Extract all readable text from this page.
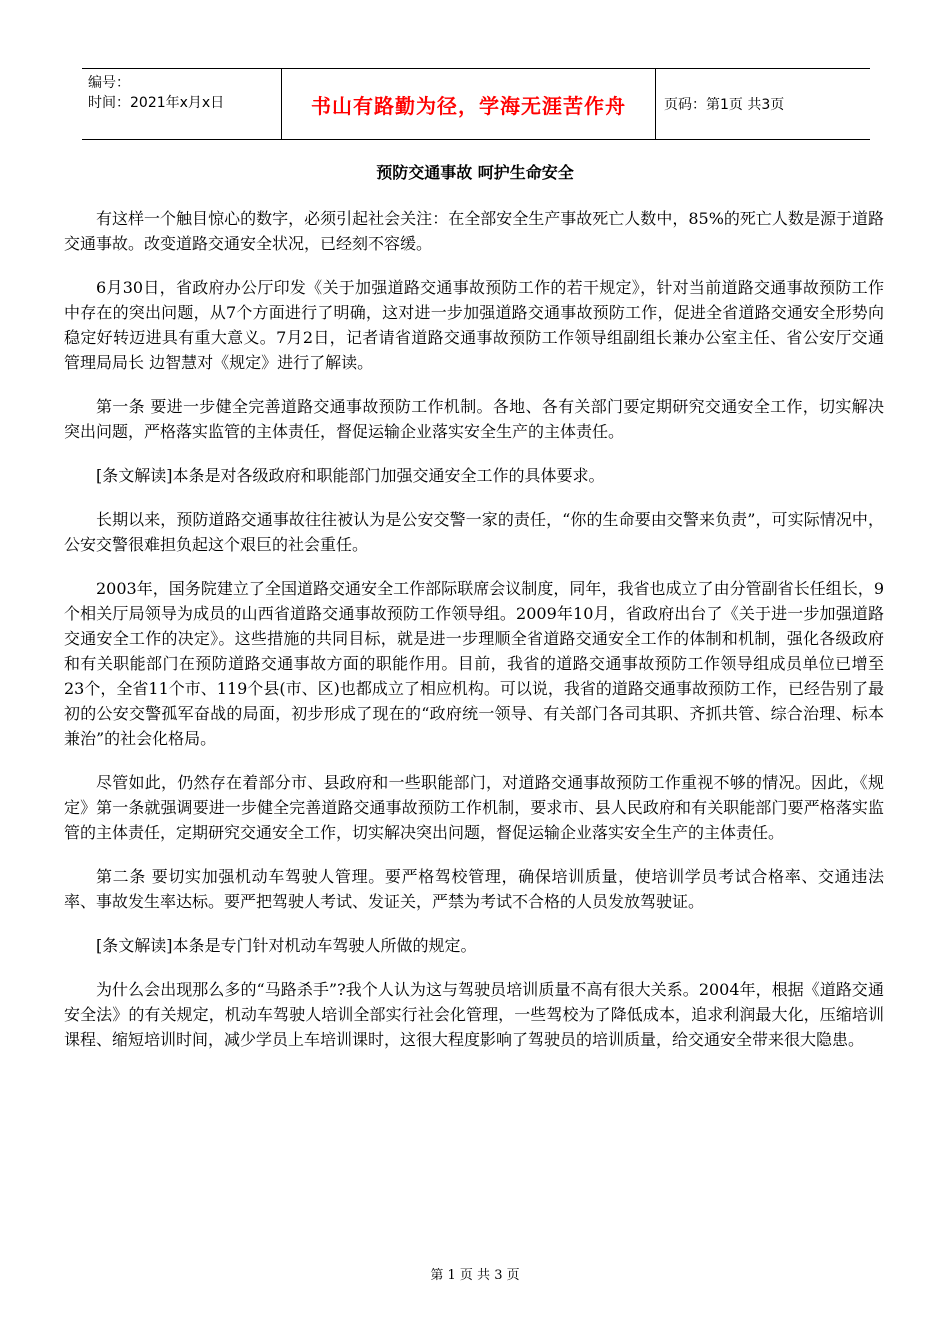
编号：
时间：2021年x月x日	书山有路勤为径，学海无涯苦作舟	页码：第1页 共3页
预防交通事故 呵护生命安全

有这样一个触目惊心的数字，必须引起社会关注：在全部安全生产事故死亡人数中，85%的死亡人数是源于道路交通事故。改变道路交通安全状况，已经刻不容缓。

6月30日，省政府办公厅印发《关于加强道路交通事故预防工作的若干规定》，针对当前道路交通事故预防工作中存在的突出问题，从7个方面进行了明确，这对进一步加强道路交通事故预防工作，促进全省道路交通安全形势向稳定好转迈进具有重大意义。7月2日，记者请省道路交通事故预防工作领导组副组长兼办公室主任、省公安厅交通管理局局长 边智慧对《规定》进行了解读。

第一条 要进一步健全完善道路交通事故预防工作机制。各地、各有关部门要定期研究交通安全工作，切实解决突出问题，严格落实监管的主体责任，督促运输企业落实安全生产的主体责任。

[条文解读]本条是对各级政府和职能部门加强交通安全工作的具体要求。

长期以来，预防道路交通事故往往被认为是公安交警一家的责任，“你的生命要由交警来负责”，可实际情况中，公安交警很难担负起这个艰巨的社会重任。

2003年，国务院建立了全国道路交通安全工作部际联席会议制度，同年，我省也成立了由分管副省长任组长，9个相关厅局领导为成员的山西省道路交通事故预防工作领导组。2009年10月，省政府出台了《关于进一步加强道路交通安全工作的决定》。这些措施的共同目标，就是进一步理顺全省道路交通安全工作的体制和机制，强化各级政府和有关职能部门在预防道路交通事故方面的职能作用。目前，我省的道路交通事故预防工作领导组成员单位已增至23个，全省11个市、119个县(市、区)也都成立了相应机构。可以说，我省的道路交通事故预防工作，已经告别了最初的公安交警孤军奋战的局面，初步形成了现在的“政府统一领导、有关部门各司其职、齐抓共管、综合治理、标本兼治”的社会化格局。

尽管如此，仍然存在着部分市、县政府和一些职能部门，对道路交通事故预防工作重视不够的情况。因此，《规定》第一条就强调要进一步健全完善道路交通事故预防工作机制，要求市、县人民政府和有关职能部门要严格落实监管的主体责任，定期研究交通安全工作，切实解决突出问题，督促运输企业落实安全生产的主体责任。

第二条 要切实加强机动车驾驶人管理。要严格驾校管理，确保培训质量，使培训学员考试合格率、交通违法率、事故发生率达标。要严把驾驶人考试、发证关，严禁为考试不合格的人员发放驾驶证。

[条文解读]本条是专门针对机动车驾驶人所做的规定。

为什么会出现那么多的“马路杀手”?我个人认为这与驾驶员培训质量不高有很大关系。2004年，根据《道路交通安全法》的有关规定，机动车驾驶人培训全部实行社会化管理，一些驾校为了降低成本，追求利润最大化，压缩培训课程、缩短培训时间，减少学员上车培训课时，这很大程度影响了驾驶员的培训质量，给交通安全带来很大隐患。

第 1 页 共 3 页
